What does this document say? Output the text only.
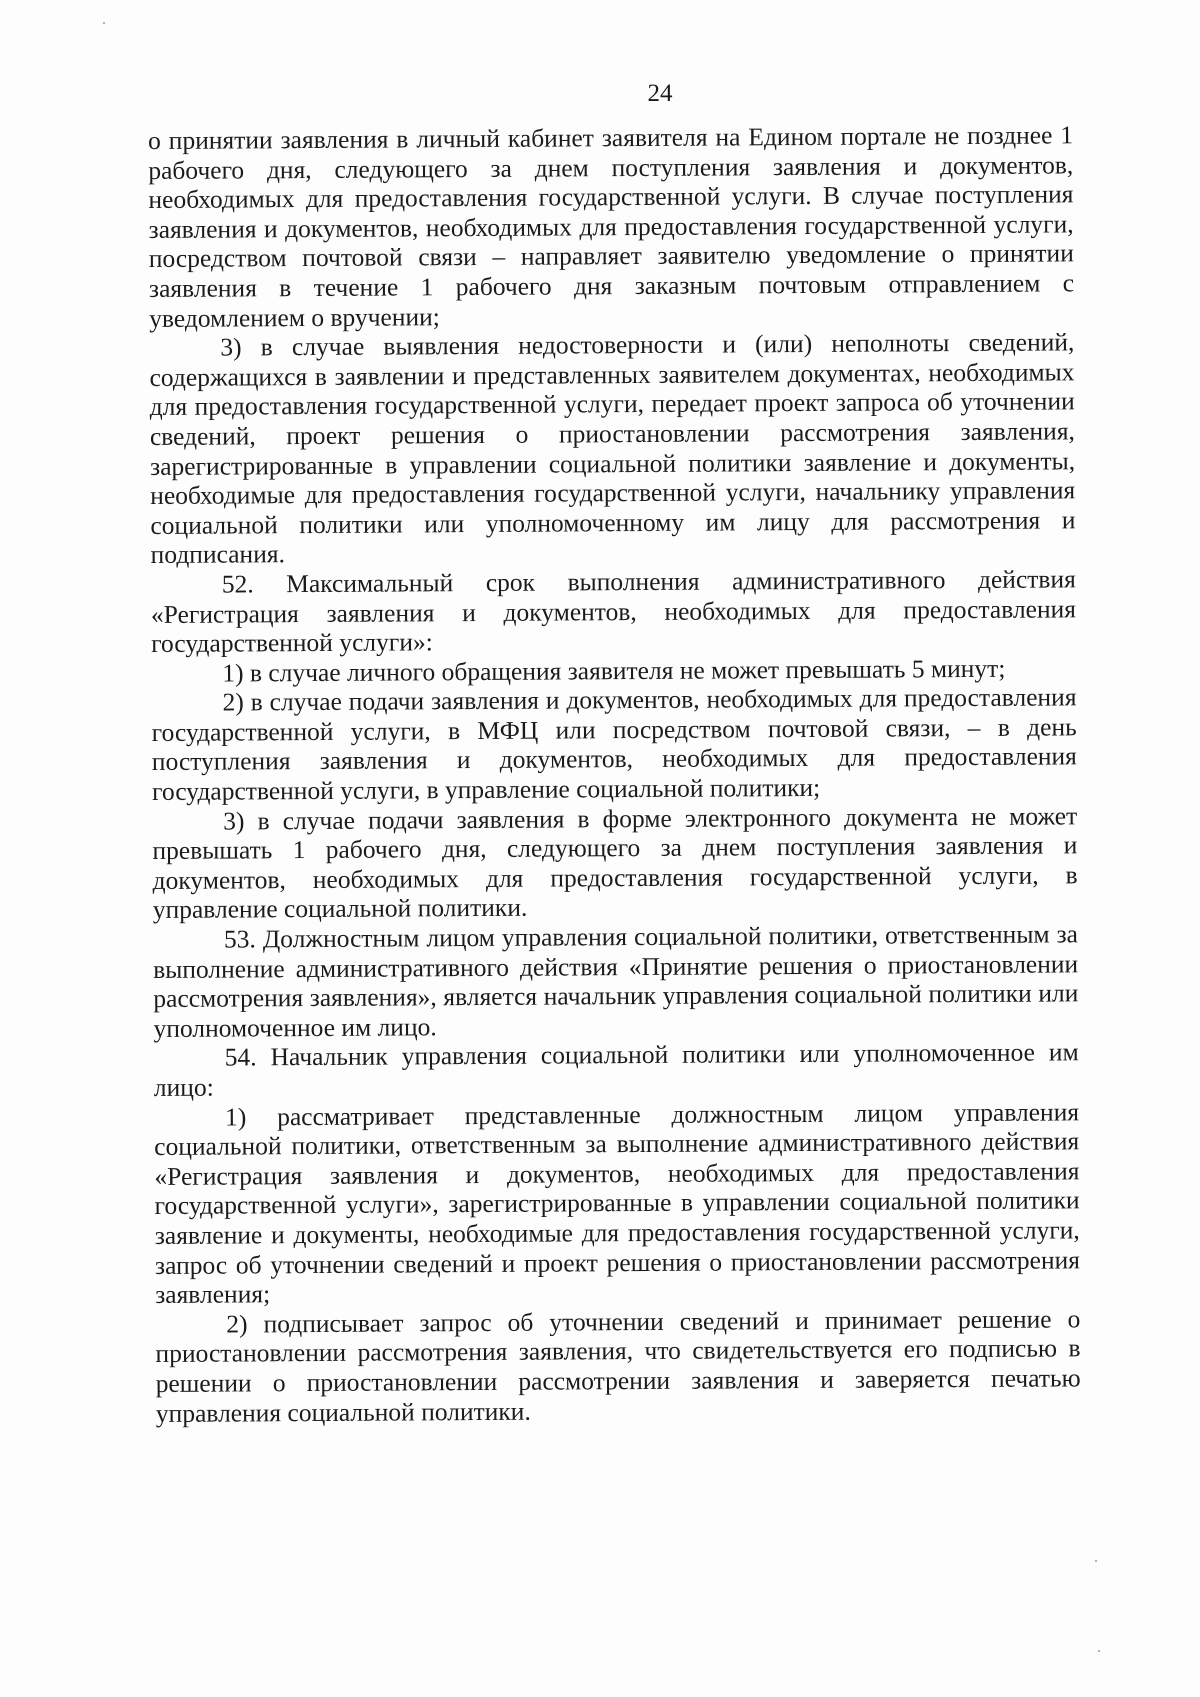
24

о принятии заявления в личный кабинет заявителя на Едином портале не позднее 1 рабочего дня, следующего за днем поступления заявления и документов, необходимых для предоставления государственной услуги. В случае поступления заявления и документов, необходимых для предоставления государственной услуги, посредством почтовой связи – направляет заявителю уведомление о принятии заявления в течение 1 рабочего дня заказным почтовым отправлением с уведомлением о вручении;

3) в случае выявления недостоверности и (или) неполноты сведений, содержащихся в заявлении и представленных заявителем документах, необходимых для предоставления государственной услуги, передает проект запроса об уточнении сведений, проект решения о приостановлении рассмотрения заявления, зарегистрированные в управлении социальной политики заявление и документы, необходимые для предоставления государственной услуги, начальнику управления социальной политики или уполномоченному им лицу для рассмотрения и подписания.

52. Максимальный срок выполнения административного действия «Регистрация заявления и документов, необходимых для предоставления государственной услуги»:

1) в случае личного обращения заявителя не может превышать 5 минут;

2) в случае подачи заявления и документов, необходимых для предоставления государственной услуги, в МФЦ или посредством почтовой связи, – в день поступления заявления и документов, необходимых для предоставления государственной услуги, в управление социальной политики;

3) в случае подачи заявления в форме электронного документа не может превышать 1 рабочего дня, следующего за днем поступления заявления и документов, необходимых для предоставления государственной услуги, в управление социальной политики.

53. Должностным лицом управления социальной политики, ответственным за выполнение административного действия «Принятие решения о приостановлении рассмотрения заявления», является начальник управления социальной политики или уполномоченное им лицо.

54. Начальник управления социальной политики или уполномоченное им лицо:

1) рассматривает представленные должностным лицом управления социальной политики, ответственным за выполнение административного действия «Регистрация заявления и документов, необходимых для предоставления государственной услуги», зарегистрированные в управлении социальной политики заявление и документы, необходимые для предоставления государственной услуги, запрос об уточнении сведений и проект решения о приостановлении рассмотрения заявления;

2) подписывает запрос об уточнении сведений и принимает решение о приостановлении рассмотрения заявления, что свидетельствуется его подписью в решении о приостановлении рассмотрении заявления и заверяется печатью управления социальной политики.
